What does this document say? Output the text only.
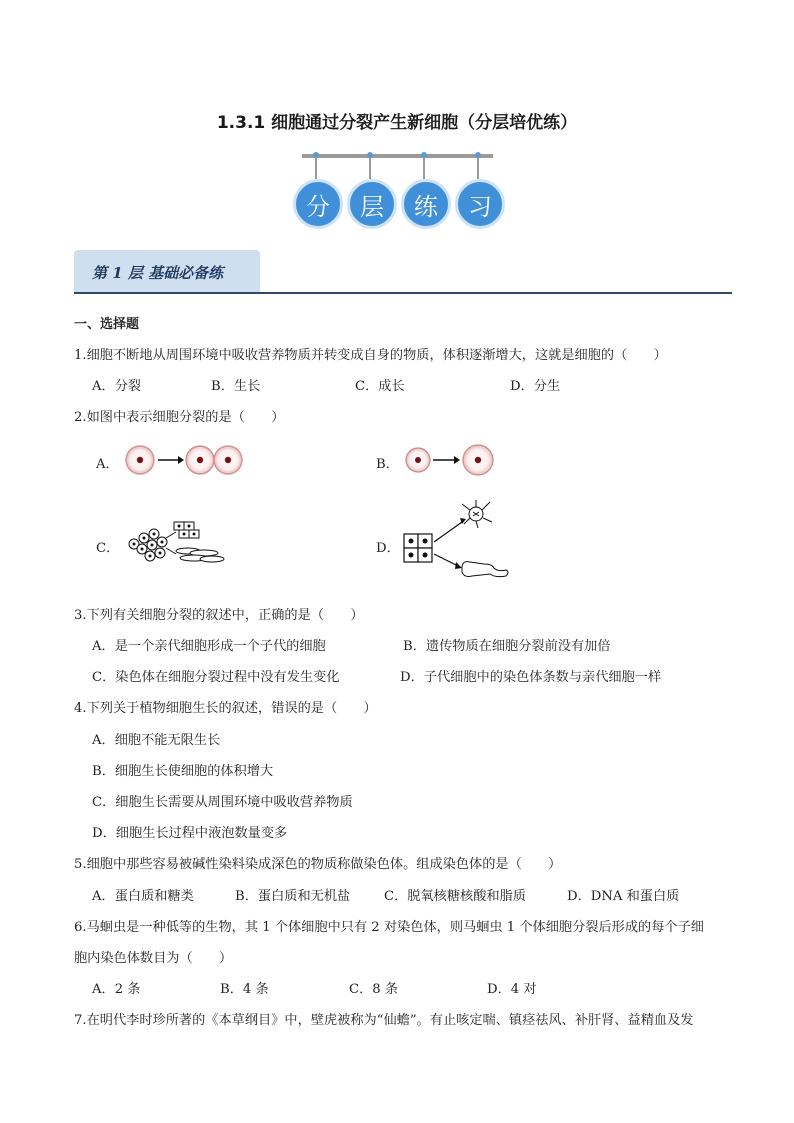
1.3.1 细胞通过分裂产生新细胞（分层培优练）
分	层	练	习
第 1 层 基础必备练
一、选择题
1.细胞不断地从周围环境中吸收营养物质并转变成自身的物质，体积逐渐增大，这就是细胞的（　　）
A．分裂	B．生长	C．成长	D．分生
2.如图中表示细胞分裂的是（　　）
A．	B．
C．	D．
3.下列有关细胞分裂的叙述中，正确的是（　　）
A．是一个亲代细胞形成一个子代的细胞	B．遗传物质在细胞分裂前没有加倍
C．染色体在细胞分裂过程中没有发生变化	D．子代细胞中的染色体条数与亲代细胞一样
4.下列关于植物细胞生长的叙述，错误的是（　　）
A．细胞不能无限生长
B．细胞生长使细胞的体积增大
C．细胞生长需要从周围环境中吸收营养物质
D．细胞生长过程中液泡数量变多
5.细胞中那些容易被碱性染料染成深色的物质称做染色体。组成染色体的是（　　）
A．蛋白质和糖类	B．蛋白质和无机盐	C．脱氧核糖核酸和脂质	D．DNA 和蛋白质
6.马蛔虫是一种低等的生物，其 1 个体细胞中只有 2 对染色体，则马蛔虫 1 个体细胞分裂后形成的每个子细
胞内染色体数目为（　　）
A．2 条	B．4 条	C．8 条	D．4 对
7.在明代李时珍所著的《本草纲目》中，壁虎被称为“仙蟾”。有止咳定喘、镇痉祛风、补肝肾、益精血及发
